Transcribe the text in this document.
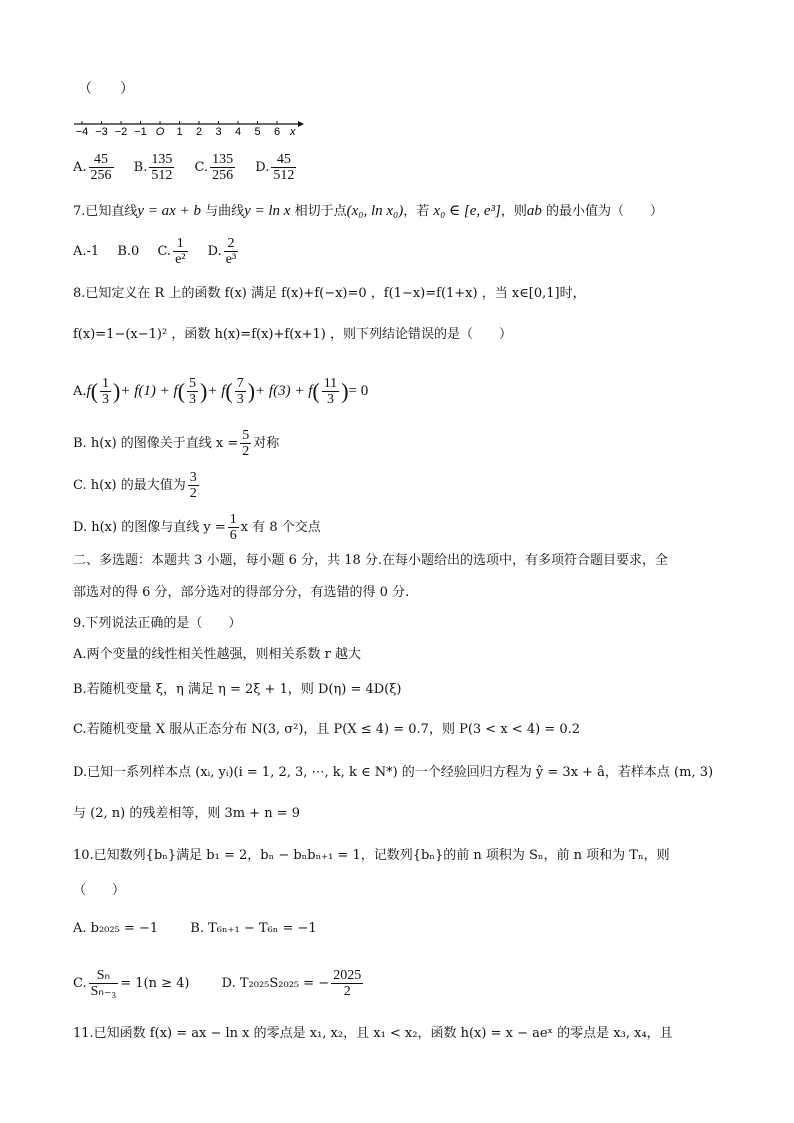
（　　）
−4 −3 −2 −1 O 1 2 3 4 5 6 x
A. $\frac{45}{256} B$. $\frac{135}{512} C$. $\frac{135}{256} D$. $\frac{45}{512}$
7.已知直线y = ax + b 与曲线y = ln x 相切于点(x₀, ln x₀)，若 x₀ ∈ [e, e³]，则ab 的最小值为（　　）
A.-1 B.0 C. $\frac{1}{\text{e²}} D$. $\frac{2}{\text{e³}}$
8.已知定义在 R 上的函数 f(x) 满足 f(x)+f(−x)=0 ，f(1−x)=f(1+x) ，当 x∈[0,1]时，
f(x)=1−(x−1)² ，函数 h(x)=f(x)+f(x+1) ，则下列结论错误的是（　　）
$A.f( \frac{1}{3}$ )+ $f(1) + f( \frac{5}{3}$ )+ $f( \frac{7}{3}$ )+ $f(3) + f( \frac{11}{3}$ )= 0
B. h(x) 的图像关于直线 $x = \frac{5}{2}$ 对称
C. h(x) 的最大值为 $\frac{3}{2}$
D. h(x) 的图像与直线 $y = \frac{1}{6}$ x 有 8 个交点
二、多选题：本题共 3 小题，每小题 6 分，共 18 分.在每小题给出的选项中，有多项符合题目要求，全
部选对的得 6 分，部分选对的得部分分，有选错的得 0 分.
9.下列说法正确的是（　　）
A.两个变量的线性相关性越强，则相关系数 r 越大
B.若随机变量 ξ，η 满足 η = 2ξ + 1，则 D(η) = 4D(ξ)
C.若随机变量 X 服从正态分布 N(3, σ²)，且 P(X ≤ 4) = 0.7，则 P(3 < x < 4) = 0.2
D.已知一系列样本点 (xᵢ, yᵢ)(i = 1, 2, 3, ⋯, k, k ∈ N*) 的一个经验回归方程为 ŷ = 3x + â，若样本点 (m, 3)
与 (2, n) 的残差相等，则 3m + n = 9
10.已知数列{bₙ}满足 b₁ = 2，bₙ − bₙbₙ₊₁ = 1，记数列{bₙ}的前 n 项积为 Sₙ，前 n 项和为 Tₙ，则
（　　）
A. b₂₀₂₅ = −1 B. T₆ₙ₊₁ − T₆ₙ = −1
C. $\frac{\text{Sₙ}}{\text{Sₙ₋₃}} = 1(n \ge 4)$ D. T₂₀₂₅S₂₀₂₅ = − $\frac{2025}{2}$
11.已知函数 f(x) = ax − ln x 的零点是 x₁, x₂，且 x₁ < x₂，函数 h(x) = x − aeˣ 的零点是 x₃, x₄，且
